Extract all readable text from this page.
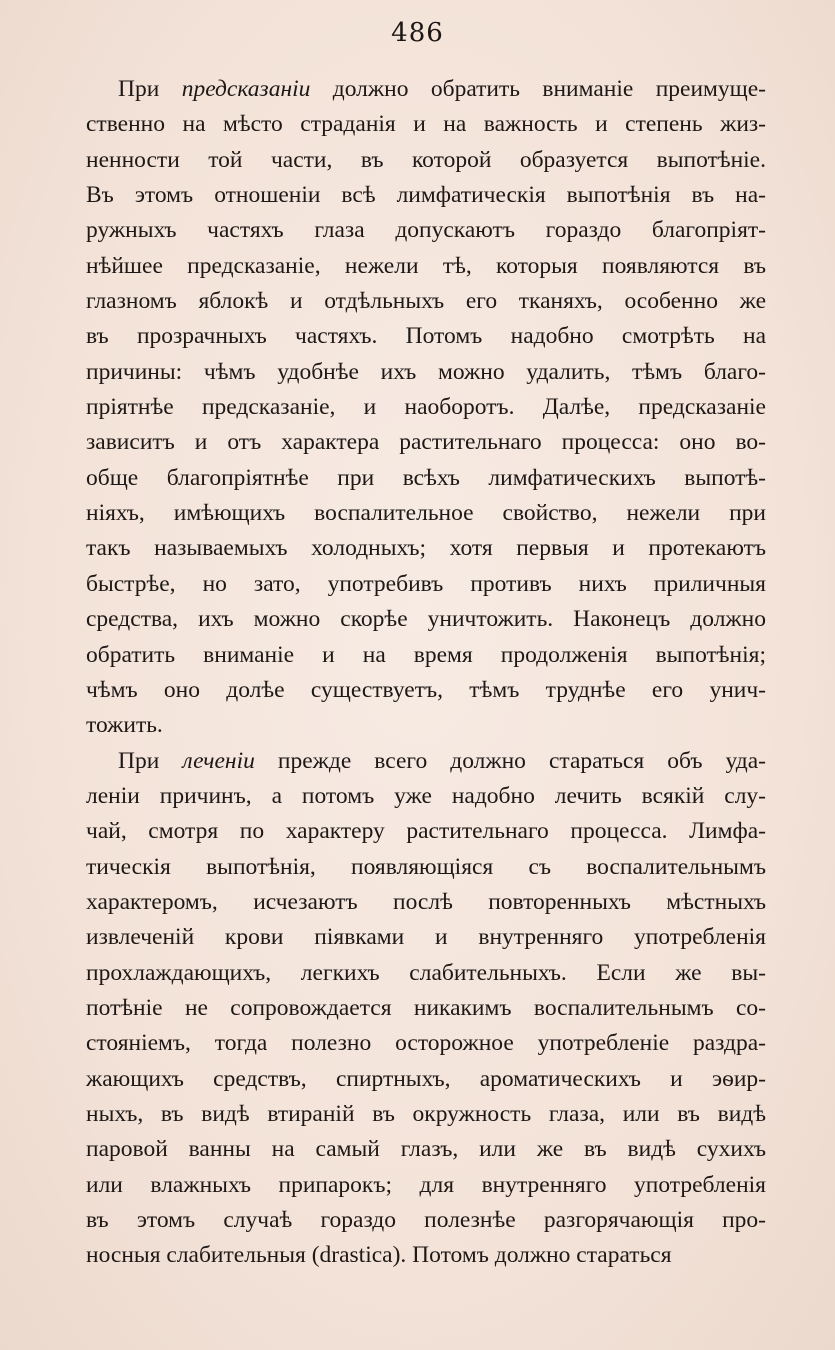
486
При предсказаніи должно обратить вниманіе преимуще-
ственно на мѣсто страданія и на важность и степень жиз-
ненности той части, въ которой образуется выпотѣніе.
Въ этомъ отношеніи всѣ лимфатическія выпотѣнія въ на-
ружныхъ частяхъ глаза допускаютъ гораздо благопріят-
нѣйшее предсказаніе, нежели тѣ, которыя появляются въ
глазномъ яблокѣ и отдѣльныхъ его тканяхъ, особенно же
въ прозрачныхъ частяхъ. Потомъ надобно смотрѣть на
причины: чѣмъ удобнѣе ихъ можно удалить, тѣмъ благо-
пріятнѣе предсказаніе, и наоборотъ. Далѣе, предсказаніе
зависитъ и отъ характера растительнаго процесса: оно во-
обще благопріятнѣе при всѣхъ лимфатическихъ выпотѣ-
ніяхъ, имѣющихъ воспалительное свойство, нежели при
такъ называемыхъ холодныхъ; хотя первыя и протекаютъ
быстрѣе, но зато, употребивъ противъ нихъ приличныя
средства, ихъ можно скорѣе уничтожить. Наконецъ должно
обратить вниманіе и на время продолженія выпотѣнія;
чѣмъ оно долѣе существуетъ, тѣмъ труднѣе его унич-
тожить.
При леченіи прежде всего должно стараться объ уда-
леніи причинъ, а потомъ уже надобно лечить всякій слу-
чай, смотря по характеру растительнаго процесса. Лимфа-
тическія выпотѣнія, появляющіяся съ воспалительнымъ
характеромъ, исчезаютъ послѣ повторенныхъ мѣстныхъ
извлеченій крови піявками и внутренняго употребленія
прохлаждающихъ, легкихъ слабительныхъ. Если же вы-
потѣніе не сопровождается никакимъ воспалительнымъ со-
стояніемъ, тогда полезно осторожное употребленіе раздра-
жающихъ средствъ, спиртныхъ, ароматическихъ и эѳир-
ныхъ, въ видѣ втираній въ окружность глаза, или въ видѣ
паровой ванны на самый глазъ, или же въ видѣ сухихъ
или влажныхъ припарокъ; для внутренняго употребленія
въ этомъ случаѣ гораздо полезнѣе разгорячающія про-
носныя слабительныя (drastica). Потомъ должно стараться
